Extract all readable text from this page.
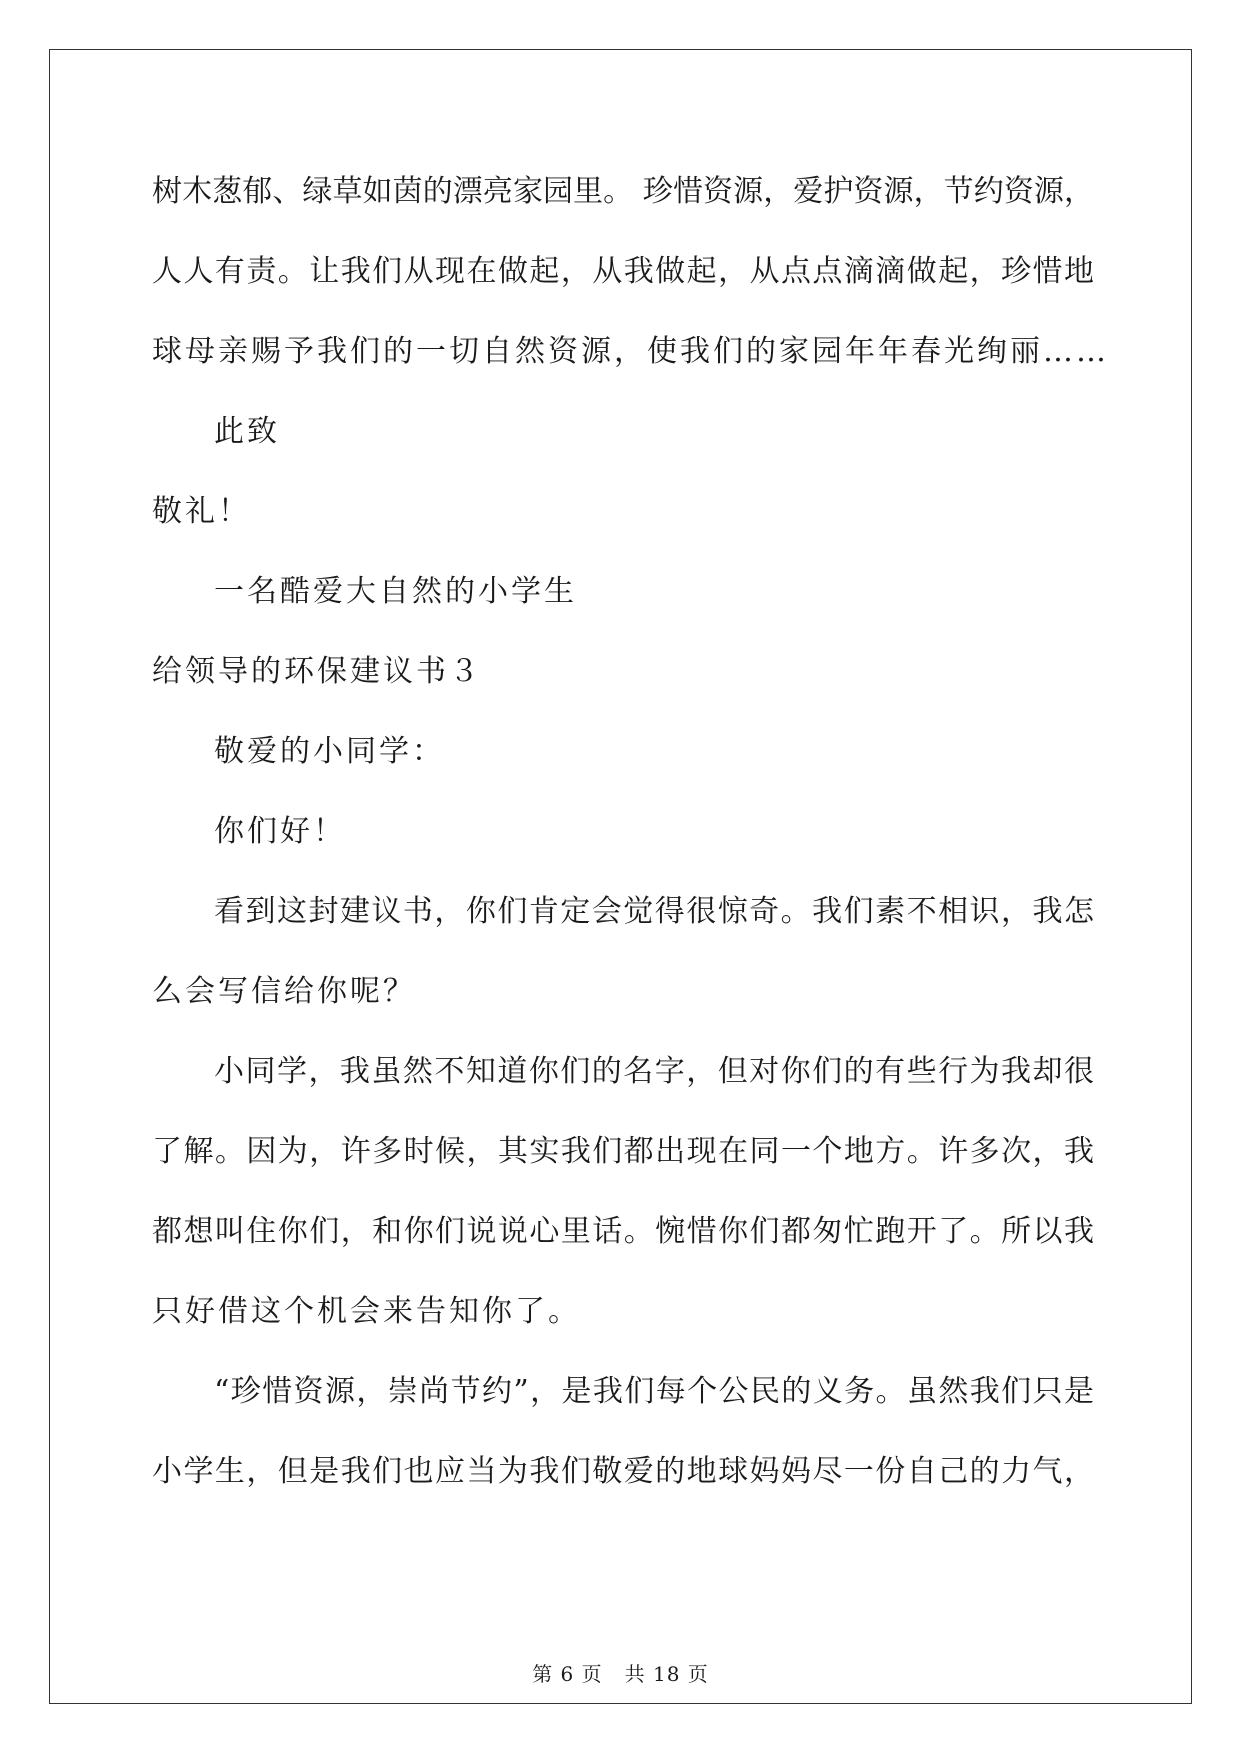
树木葱郁、绿草如茵的漂亮家园里。 珍惜资源，爱护资源，节约资源，
人人有责。让我们从现在做起，从我做起，从点点滴滴做起，珍惜地
球母亲赐予我们的一切自然资源，使我们的家园年年春光绚丽……
此致
敬礼！
一名酷爱大自然的小学生
给领导的环保建议书３
敬爱的小同学：
你们好！
看到这封建议书，你们肯定会觉得很惊奇。我们素不相识，我怎
么会写信给你呢？
小同学，我虽然不知道你们的名字，但对你们的有些行为我却很
了解。因为，许多时候，其实我们都出现在同一个地方。许多次，我
都想叫住你们，和你们说说心里话。惋惜你们都匆忙跑开了。所以我
只好借这个机会来告知你了。
“珍惜资源，崇尚节约”，是我们每个公民的义务。虽然我们只是
小学生，但是我们也应当为我们敬爱的地球妈妈尽一份自己的力气，
第 6 页 共 18 页
